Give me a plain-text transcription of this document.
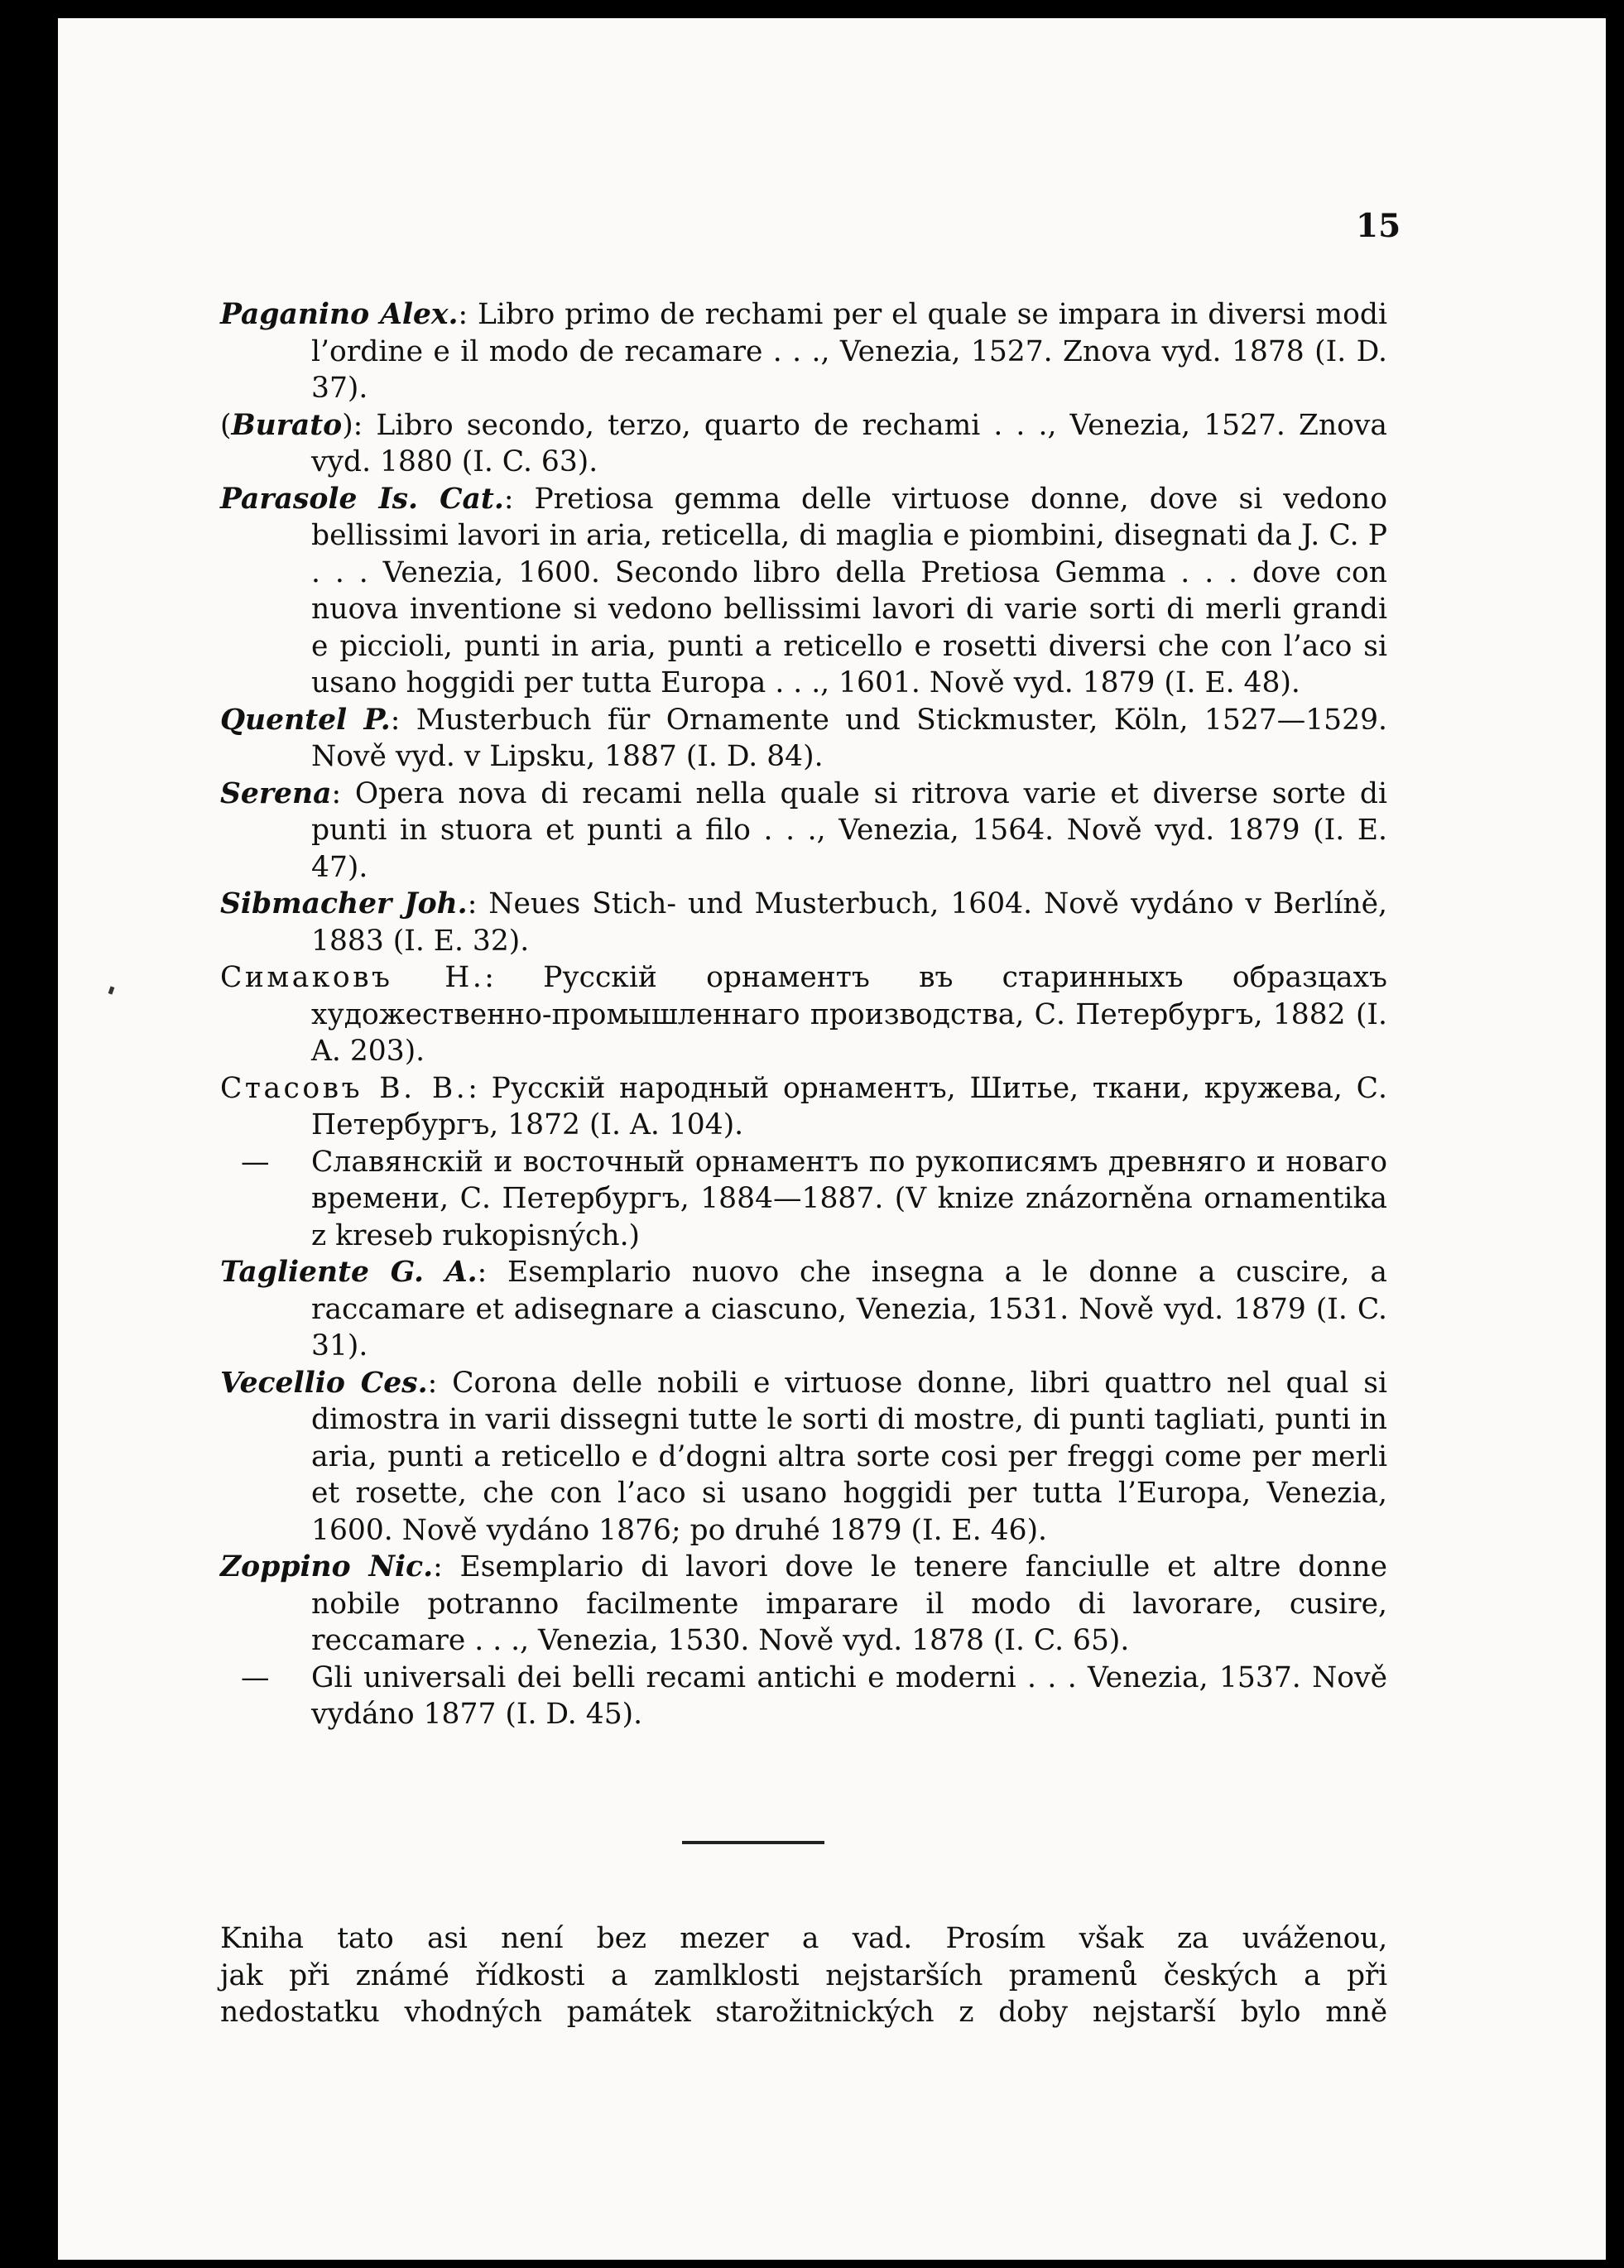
15
Paganino Alex.: Libro primo de rechami per el quale se impara in diversi modi l’ordine e il modo de recamare . . ., Venezia, 1527. Znova vyd. 1878 (I. D. 37).
(Burato): Libro secondo, terzo, quarto de rechami . . ., Venezia, 1527. Znova vyd. 1880 (I. C. 63).
Parasole Is. Cat.: Pretiosa gemma delle virtuose donne, dove si vedono bellissimi lavori in aria, reticella, di maglia e piombini, disegnati da J. C. P . . . Venezia, 1600. Secondo libro della Pretiosa Gemma . . . dove con nuova inventione si vedono bellissimi lavori di varie sorti di merli grandi e piccioli, punti in aria, punti a reticello e rosetti diversi che con l’aco si usano hoggidi per tutta Europa . . ., 1601. Nově vyd. 1879 (I. E. 48).
Quentel P.: Musterbuch für Ornamente und Stickmuster, Köln, 1527—1529. Nově vyd. v Lipsku, 1887 (I. D. 84).
Serena: Opera nova di recami nella quale si ritrova varie et diverse sorte di punti in stuora et punti a filo . . ., Venezia, 1564. Nově vyd. 1879 (I. E. 47).
Sibmacher Joh.: Neues Stich- und Musterbuch, 1604. Nově vydáno v Berlíně, 1883 (I. E. 32).
Симаковъ Н.: Русскій орнаментъ въ старинныхъ образцахъ художественно-промышленнаго производства, С. Петербургъ, 1882 (I. A. 203).
Стасовъ В. В.: Русскій народный орнаментъ, Шитье, ткани, кружева, С. Петербургъ, 1872 (I. A. 104).
— Славянскій и восточный орнаментъ по рукописямъ древняго и новаго времени, С. Петербургъ, 1884—1887. (V knize znázorněna ornamentika z kreseb rukopisných.)
Tagliente G. A.: Esemplario nuovo che insegna a le donne a cuscire, a raccamare et adisegnare a ciascuno, Venezia, 1531. Nově vyd. 1879 (I. C. 31).
Vecellio Ces.: Corona delle nobili e virtuose donne, libri quattro nel qual si dimostra in varii dissegni tutte le sorti di mostre, di punti tagliati, punti in aria, punti a reticello e d’dogni altra sorte cosi per freggi come per merli et rosette, che con l’aco si usano hoggidi per tutta l’Europa, Venezia, 1600. Nově vydáno 1876; po druhé 1879 (I. E. 46).
Zoppino Nic.: Esemplario di lavori dove le tenere fanciulle et altre donne nobile potranno facilmente imparare il modo di lavorare, cusire, reccamare . . ., Venezia, 1530. Nově vyd. 1878 (I. C. 65).
— Gli universali dei belli recami antichi e moderni . . . Venezia, 1537. Nově vydáno 1877 (I. D. 45).

Kniha tato asi není bez mezer a vad. Prosím však za uváženou,
jak při známé řídkosti a zamlklosti nejstarších pramenů českých a při
nedostatku vhodných památek starožitnických z doby nejstarší bylo mně
